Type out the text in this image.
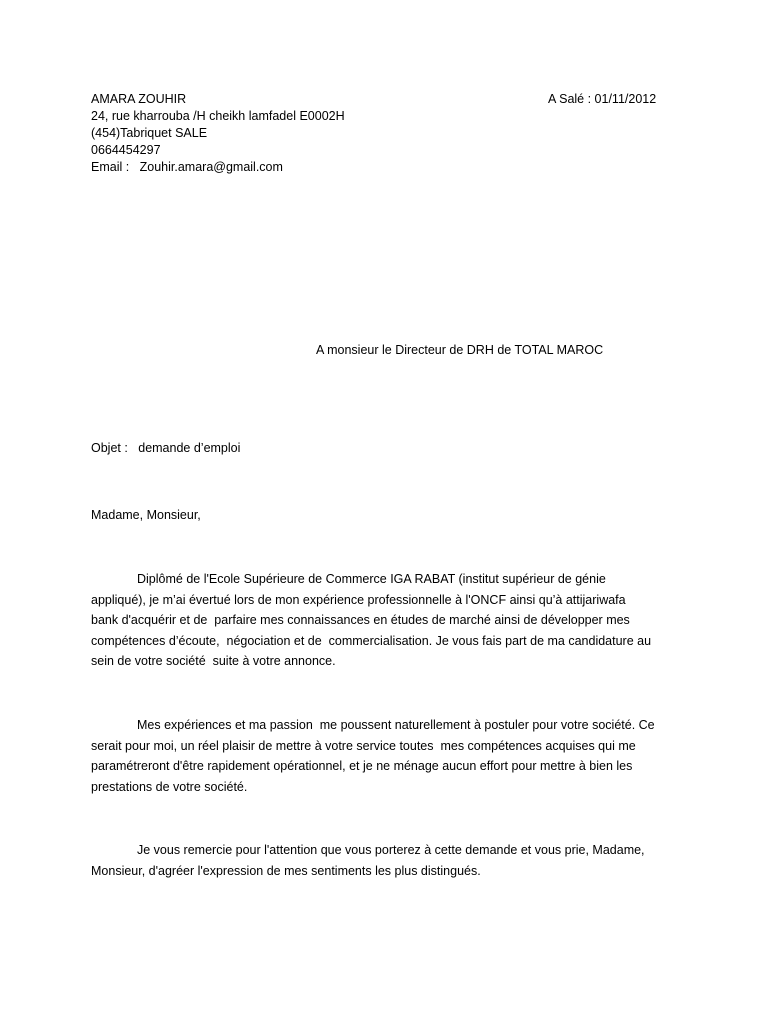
AMARA ZOUHIR
24, rue kharrouba /H cheikh lamfadel E0002H
(454)Tabriquet SALE
0664454297
Email :   Zouhir.amara@gmail.com
A Salé : 01/11/2012
A monsieur le Directeur de DRH de TOTAL MAROC
Objet :   demande d’emploi
Madame, Monsieur,
Diplômé de l'Ecole Supérieure de Commerce IGA RABAT (institut supérieur de génie
appliqué), je m’ai évertué lors de mon expérience professionnelle à l'ONCF ainsi qu’à attijariwafa
bank d'acquérir et de  parfaire mes connaissances en études de marché ainsi de développer mes
compétences d’écoute,  négociation et de  commercialisation. Je vous fais part de ma candidature au
sein de votre société  suite à votre annonce.
Mes expériences et ma passion  me poussent naturellement à postuler pour votre société. Ce
serait pour moi, un réel plaisir de mettre à votre service toutes  mes compétences acquises qui me
paramétreront d'être rapidement opérationnel, et je ne ménage aucun effort pour mettre à bien les
prestations de votre société.
Je vous remercie pour l'attention que vous porterez à cette demande et vous prie, Madame,
Monsieur, d'agréer l'expression de mes sentiments les plus distingués.
